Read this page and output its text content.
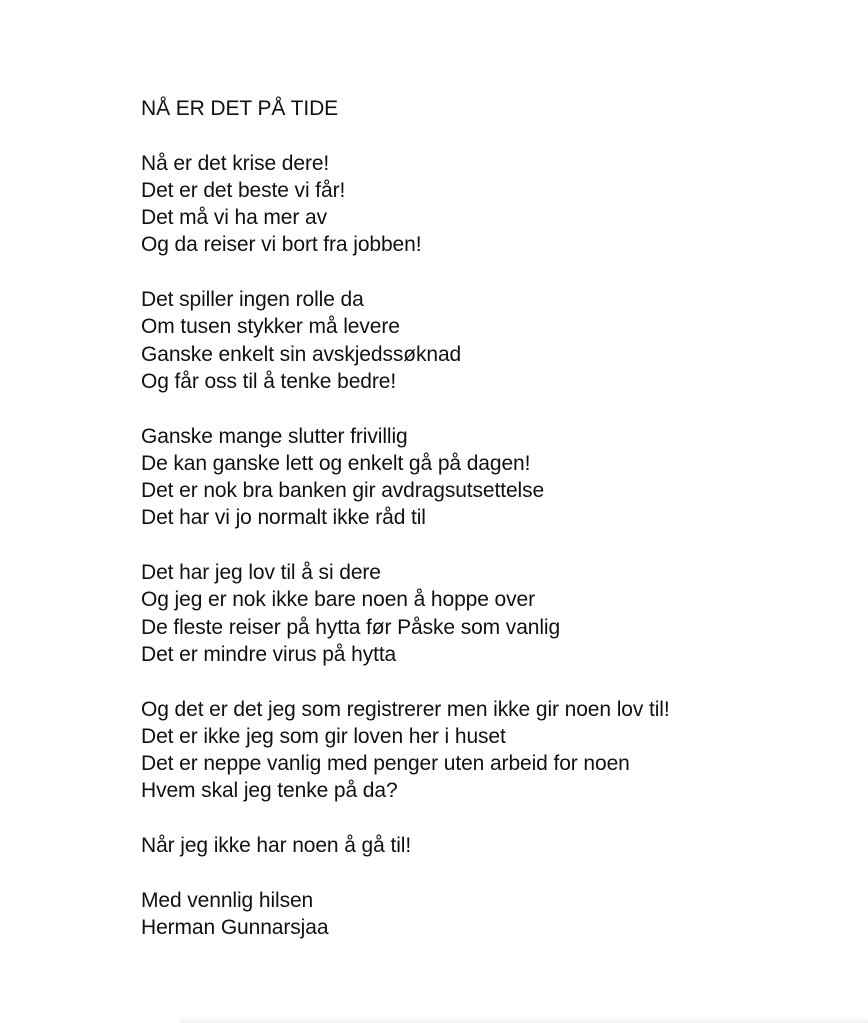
NÅ ER DET PÅ TIDE
Nå er det krise dere!
Det er det beste vi får!
Det må vi ha mer av
Og da reiser vi bort fra jobben!
Det spiller ingen rolle da
Om tusen stykker må levere
Ganske enkelt sin avskjedssøknad
Og får oss til å tenke bedre!
Ganske mange slutter frivillig
De kan ganske lett og enkelt gå på dagen!
Det er nok bra banken gir avdragsutsettelse
Det har vi jo normalt ikke råd til
Det har jeg lov til å si dere
Og jeg er nok ikke bare noen å hoppe over
De fleste reiser på hytta før Påske som vanlig
Det er mindre virus på hytta
Og det er det jeg som registrerer men ikke gir noen lov til!
Det er ikke jeg som gir loven her i huset
Det er neppe vanlig med penger uten arbeid for noen
Hvem skal jeg tenke på da?
Når jeg ikke har noen å gå til!
Med vennlig hilsen
Herman Gunnarsjaa
